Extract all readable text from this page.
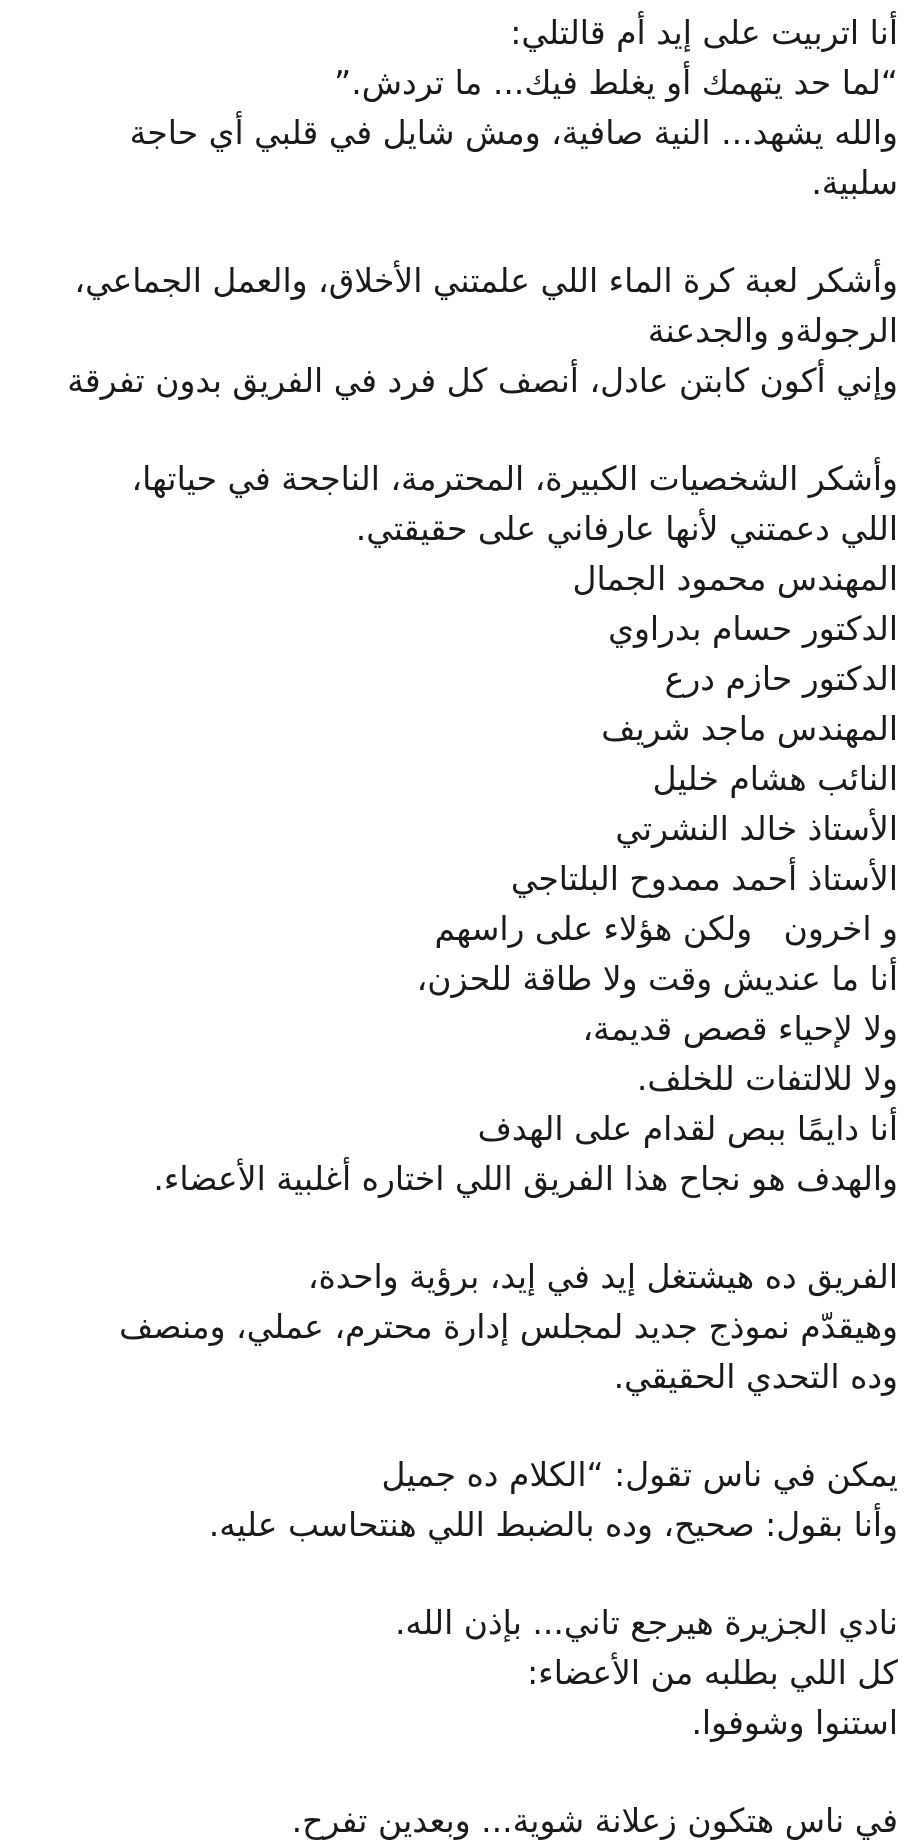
أنا اتربيت على إيد أم قالتلي:
“لما حد يتهمك أو يغلط فيك... ما تردش.”
والله يشهد... النية صافية، ومش شايل في قلبي أي حاجة سلبية.
وأشكر لعبة كرة الماء اللي علمتني الأخلاق، والعمل الجماعي،
الرجولةو والجدعنة
وإني أكون كابتن عادل، أنصف كل فرد في الفريق بدون تفرقة
وأشكر الشخصيات الكبيرة، المحترمة، الناجحة في حياتها،
اللي دعمتني لأنها عارفاني على حقيقتي.
المهندس محمود الجمال
الدكتور حسام بدراوي
الدكتور حازم درع
المهندس ماجد شريف
النائب هشام خليل
الأستاذ خالد النشرتي
الأستاذ أحمد ممدوح البلتاجي
و اخرون   ولكن هؤلاء على راسهم
أنا ما عنديش وقت ولا طاقة للحزن،
ولا لإحياء قصص قديمة،
ولا للالتفات للخلف.
أنا دايمًا ببص لقدام على الهدف
والهدف هو نجاح هذا الفريق اللي اختاره أغلبية الأعضاء.
الفريق ده هيشتغل إيد في إيد، برؤية واحدة،
وهيقدّم نموذج جديد لمجلس إدارة محترم، عملي، ومنصف
وده التحدي الحقيقي.
يمكن في ناس تقول: “الكلام ده جميل
وأنا بقول: صحيح، وده بالضبط اللي هنتحاسب عليه.
نادي الجزيرة هيرجع تاني... بإذن الله.
كل اللي بطلبه من الأعضاء:
استنوا وشوفوا.
في ناس هتكون زعلانة شوية... وبعدين تفرح.
